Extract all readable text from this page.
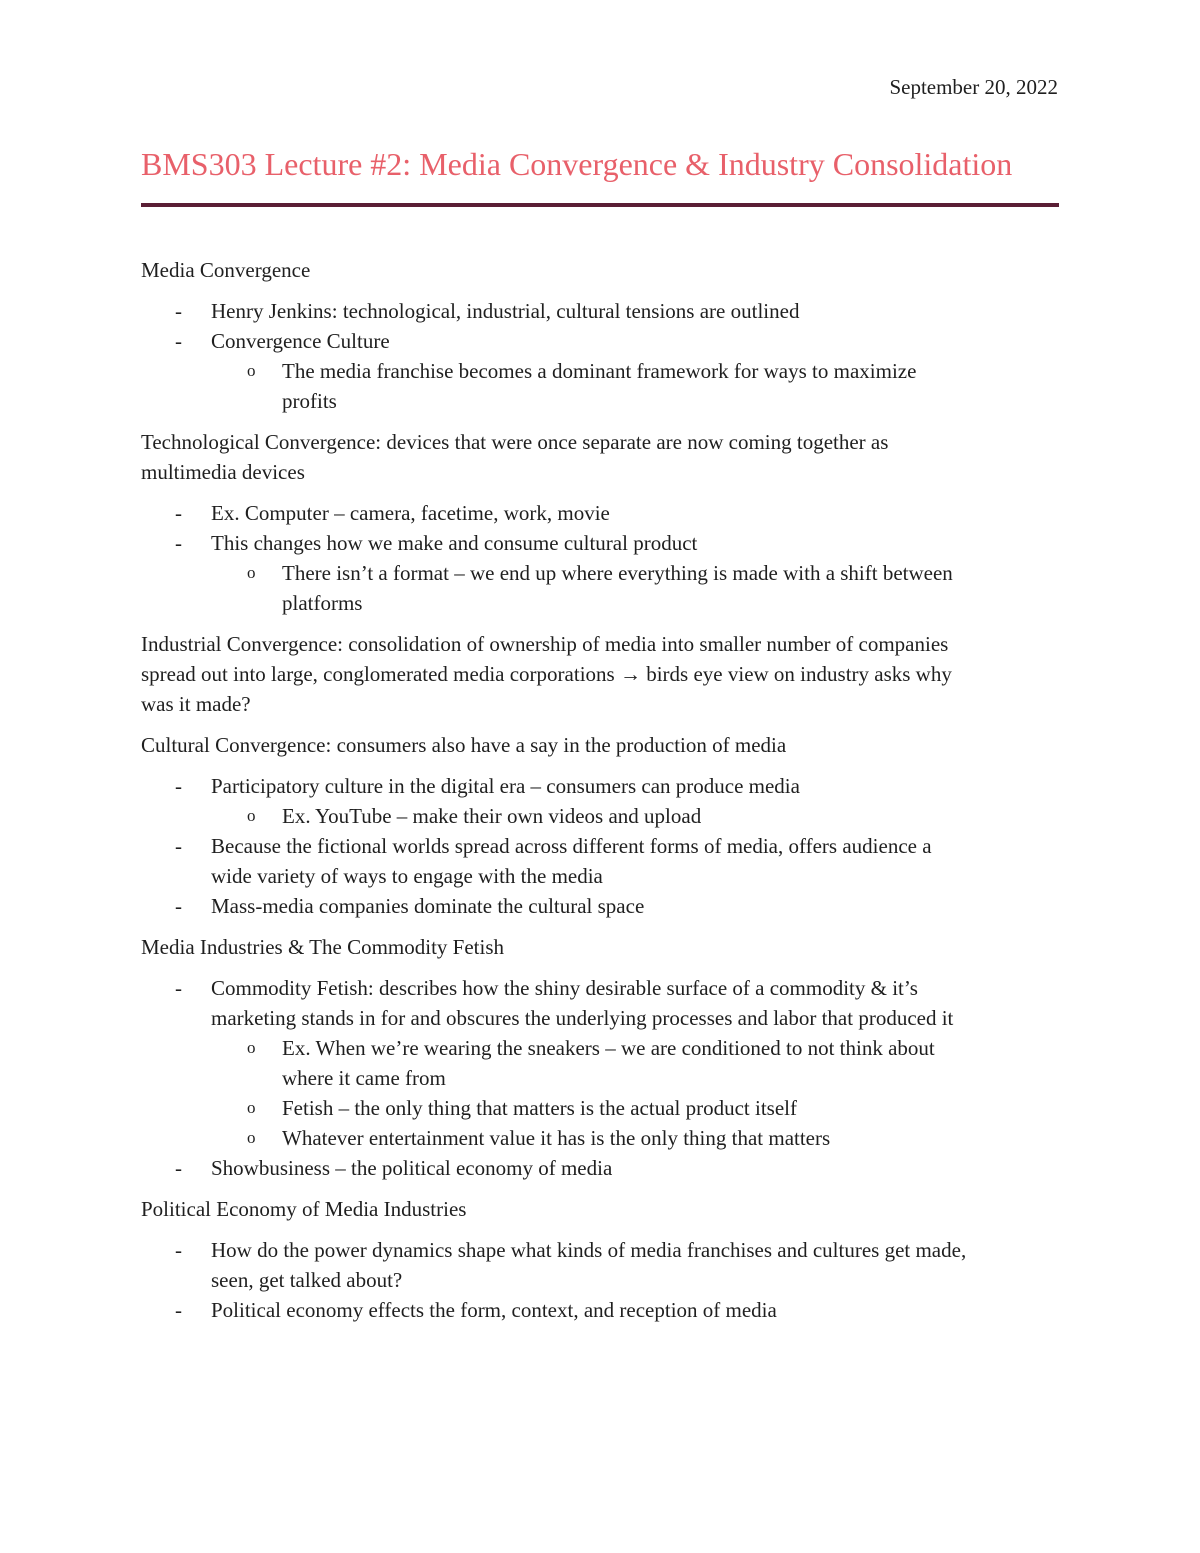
September 20, 2022
BMS303 Lecture #2: Media Convergence & Industry Consolidation
Media Convergence
- Henry Jenkins: technological, industrial, cultural tensions are outlined
- Convergence Culture
o The media franchise becomes a dominant framework for ways to maximize
profits
Technological Convergence: devices that were once separate are now coming together as
multimedia devices
- Ex. Computer – camera, facetime, work, movie
- This changes how we make and consume cultural product
o There isn’t a format – we end up where everything is made with a shift between
platforms
Industrial Convergence: consolidation of ownership of media into smaller number of companies
spread out into large, conglomerated media corporations → birds eye view on industry asks why
was it made?
Cultural Convergence: consumers also have a say in the production of media
- Participatory culture in the digital era – consumers can produce media
o Ex. YouTube – make their own videos and upload
- Because the fictional worlds spread across different forms of media, offers audience a
wide variety of ways to engage with the media
- Mass-media companies dominate the cultural space
Media Industries & The Commodity Fetish
- Commodity Fetish: describes how the shiny desirable surface of a commodity & it’s
marketing stands in for and obscures the underlying processes and labor that produced it
o Ex. When we’re wearing the sneakers – we are conditioned to not think about
where it came from
o Fetish – the only thing that matters is the actual product itself
o Whatever entertainment value it has is the only thing that matters
- Showbusiness – the political economy of media
Political Economy of Media Industries
- How do the power dynamics shape what kinds of media franchises and cultures get made,
seen, get talked about?
- Political economy effects the form, context, and reception of media
